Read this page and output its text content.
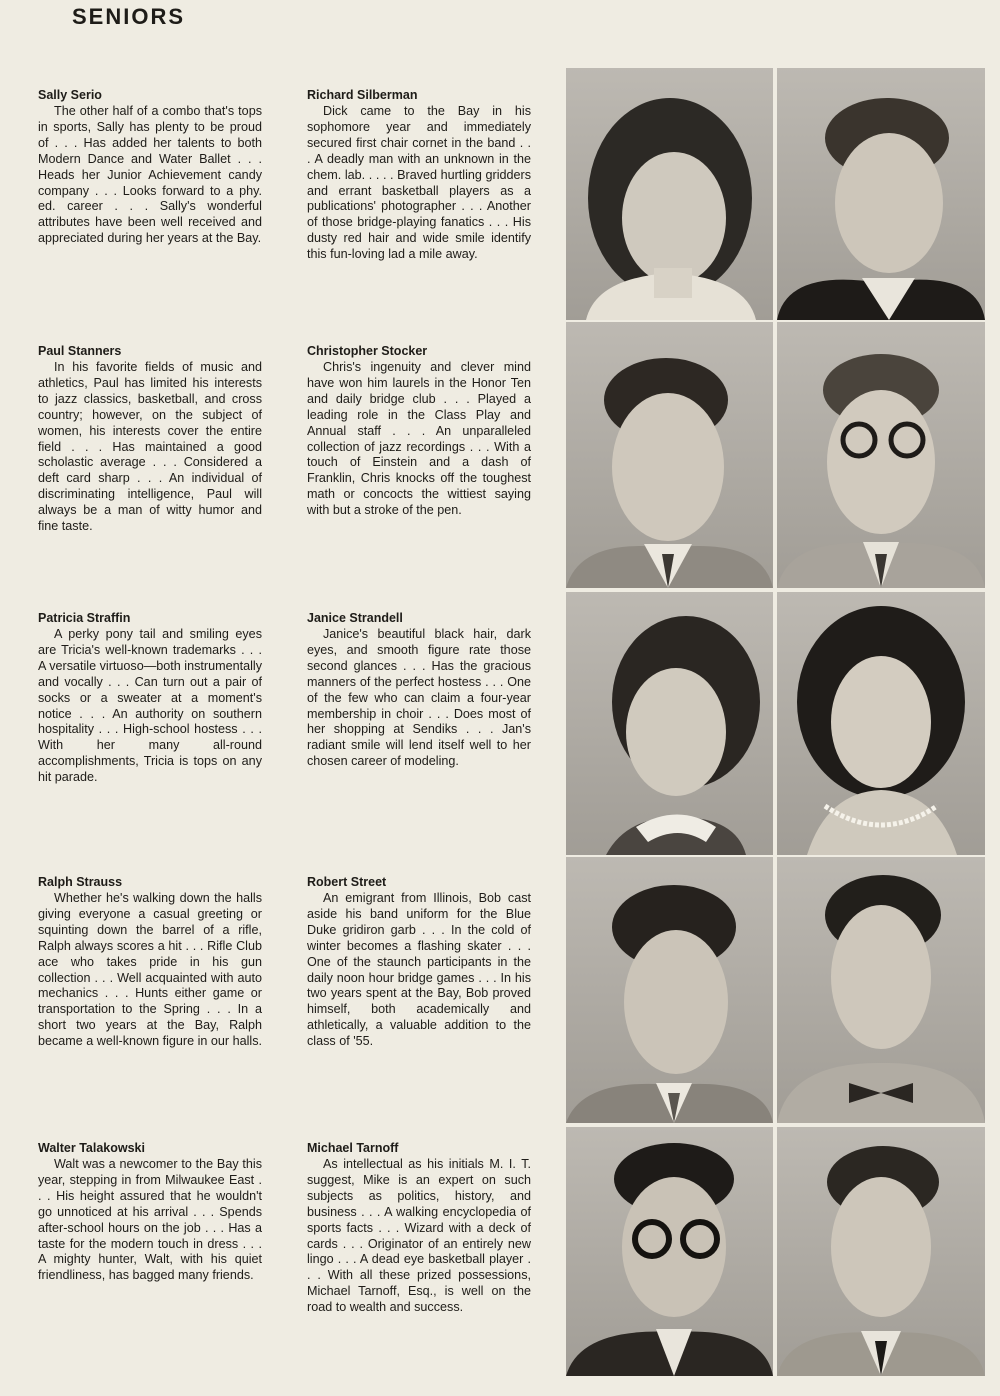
SENIORS
Sally Serio

The other half of a combo that's tops in sports, Sally has plenty to be proud of . . . Has added her talents to both Modern Dance and Water Ballet . . . Heads her Junior Achievement candy company . . . Looks forward to a phy. ed. career . . . Sally's wonderful attributes have been well received and appreciated during her years at the Bay.

Richard Silberman

Dick came to the Bay in his sophomore year and immediately secured first chair cornet in the band . . . A deadly man with an unknown in the chem. lab. . . . . Braved hurtling gridders and errant basketball players as a publications' photographer . . . Another of those bridge-playing fanatics . . . His dusty red hair and wide smile identify this fun-loving lad a mile away.

Paul Stanners

In his favorite fields of music and athletics, Paul has limited his interests to jazz classics, basketball, and cross country; however, on the subject of women, his interests cover the entire field . . . Has maintained a good scholastic average . . . Considered a deft card sharp . . . An individual of discriminating intelligence, Paul will always be a man of witty humor and fine taste.

Christopher Stocker

Chris's ingenuity and clever mind have won him laurels in the Honor Ten and daily bridge club . . . Played a leading role in the Class Play and Annual staff . . . An unparalleled collection of jazz recordings . . . With a touch of Einstein and a dash of Franklin, Chris knocks off the toughest math or concocts the wittiest saying with but a stroke of the pen.

Patricia Straffin

A perky pony tail and smiling eyes are Tricia's well-known trademarks . . . A versatile virtuoso—both instrumentally and vocally . . . Can turn out a pair of socks or a sweater at a moment's notice . . . An authority on southern hospitality . . . High-school hostess . . . With her many all-round accomplishments, Tricia is tops on any hit parade.

Janice Strandell

Janice's beautiful black hair, dark eyes, and smooth figure rate those second glances . . . Has the gracious manners of the perfect hostess . . . One of the few who can claim a four-year membership in choir . . . Does most of her shopping at Sendiks . . . Jan's radiant smile will lend itself well to her chosen career of modeling.

Ralph Strauss

Whether he's walking down the halls giving everyone a casual greeting or squinting down the barrel of a rifle, Ralph always scores a hit . . . Rifle Club ace who takes pride in his gun collection . . . Well acquainted with auto mechanics . . . Hunts either game or transportation to the Spring . . . In a short two years at the Bay, Ralph became a well-known figure in our halls.

Robert Street

An emigrant from Illinois, Bob cast aside his band uniform for the Blue Duke gridiron garb . . . In the cold of winter becomes a flashing skater . . . One of the staunch participants in the daily noon hour bridge games . . . In his two years spent at the Bay, Bob proved himself, both academically and athletically, a valuable addition to the class of '55.

Walter Talakowski

Walt was a newcomer to the Bay this year, stepping in from Milwaukee East . . . His height assured that he wouldn't go unnoticed at his arrival . . . Spends after-school hours on the job . . . Has a taste for the modern touch in dress . . . A mighty hunter, Walt, with his quiet friendliness, has bagged many friends.

Michael Tarnoff

As intellectual as his initials M. I. T. suggest, Mike is an expert on such subjects as politics, history, and business . . . A walking encyclopedia of sports facts . . . Wizard with a deck of cards . . . Originator of an entirely new lingo . . . A dead eye basketball player . . . With all these prized possessions, Michael Tarnoff, Esq., is well on the road to wealth and success.
